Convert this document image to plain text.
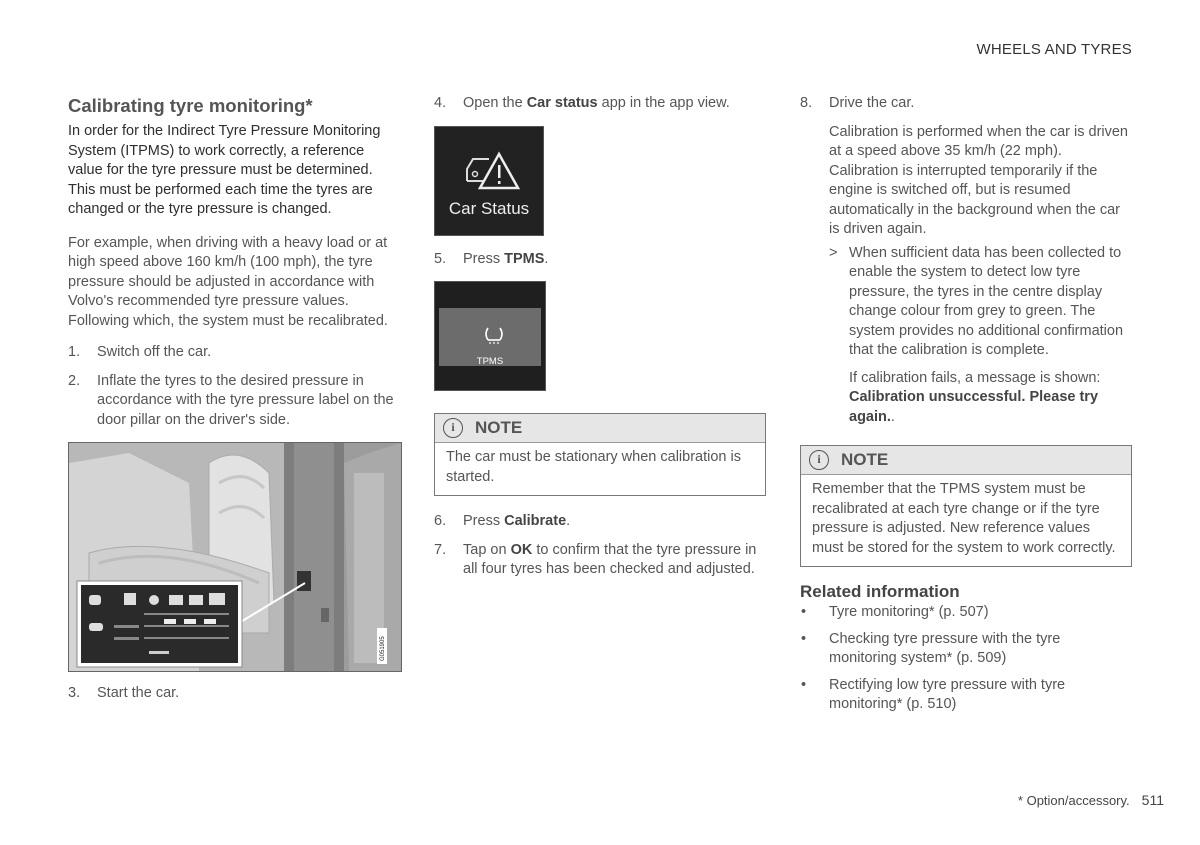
WHEELS AND TYRES
Calibrating tyre monitoring*

In order for the Indirect Tyre Pressure Monitoring System (ITPMS) to work correctly, a reference value for the tyre pressure must be determined. This must be performed each time the tyres are changed or the tyre pressure is changed.

For example, when driving with a heavy load or at high speed above 160 km/h (100 mph), the tyre pressure should be adjusted in accordance with Volvo's recommended tyre pressure values. Following which, the system must be recalibrated.

1. Switch off the car.
2. Inflate the tyres to the desired pressure in accordance with the tyre pressure label on the door pillar on the driver's side.
G051905
3. Start the car.
4. Open the Car status app in the app view.
Car Status
5. Press TPMS.
TPMS
i	NOTE
The car must be stationary when calibration is started.
6. Press Calibrate.
7. Tap on OK to confirm that the tyre pressure in all four tyres has been checked and adjusted.
8. Drive the car.

Calibration is performed when the car is driven at a speed above 35 km/h (22 mph). Calibration is interrupted temporarily if the engine is switched off, but is resumed automatically in the background when the car is driven again.

> When sufficient data has been collected to enable the system to detect low tyre pressure, the tyres in the centre display change colour from grey to green. The system provides no additional confirmation that the calibration is complete.

If calibration fails, a message is shown: Calibration unsuccessful. Please try again..

i	NOTE
Remember that the TPMS system must be recalibrated at each tyre change or if the tyre pressure is adjusted. New reference values must be stored for the system to work correctly.
Related information
• Tyre monitoring* (p. 507)
• Checking tyre pressure with the tyre monitoring system* (p. 509)
• Rectifying low tyre pressure with tyre monitoring* (p. 510)
* Option/accessory. 511
